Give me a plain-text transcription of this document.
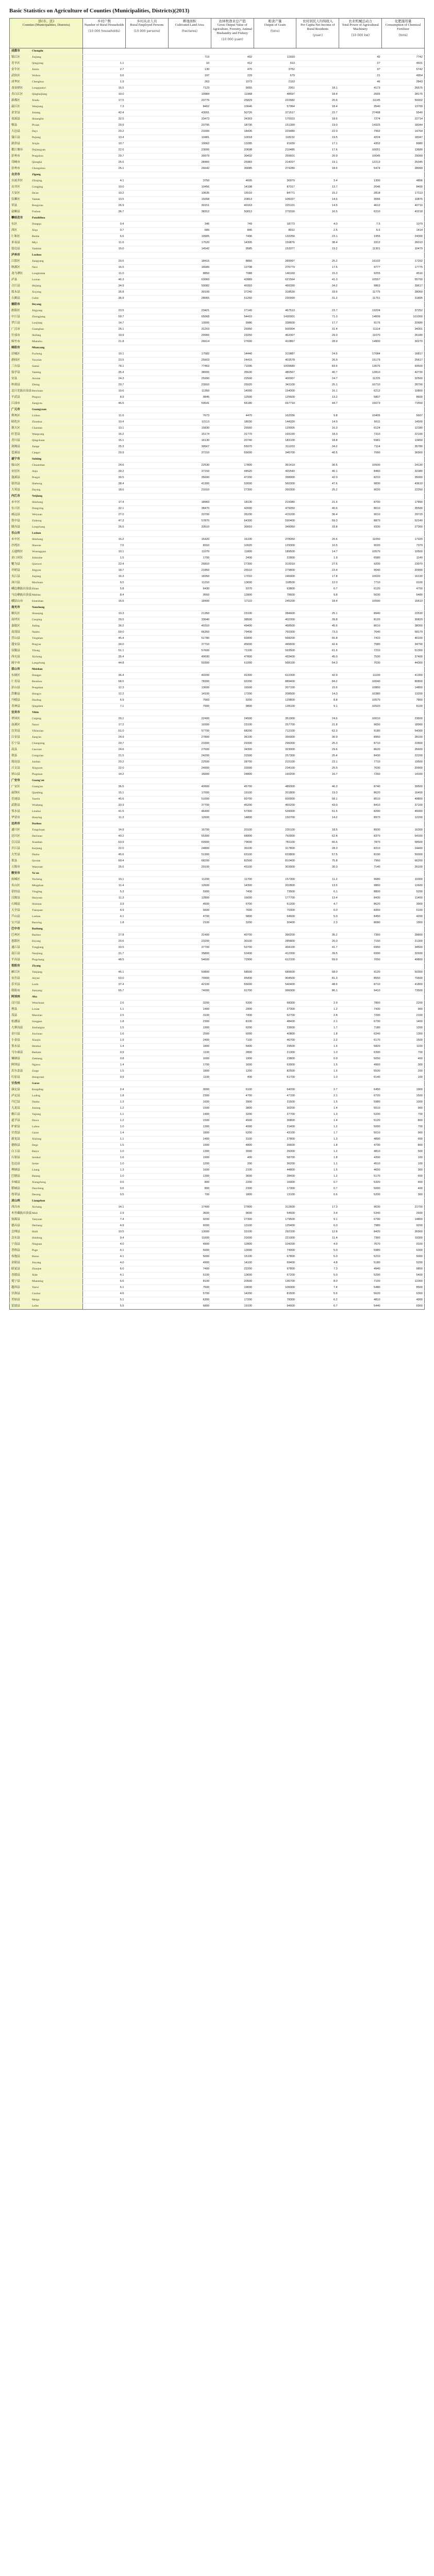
Basic Statistics on Agriculture of Counties (Municipalities, Districts)(2013)
县(市、区)
Counties (Municipalities, Districts)	乡村户数
Number of Rural Households
(10 000 households)	乡村从业人员
Rural Employed Persons
(10 000 persons)	耕地面积
Cultivated Land Area
(hectares)	农林牧渔业总产值
Gross Output Value of Agriculture, Forestry, Animal Husbandry and Fishery
(10 000 yuan)	粮食产量
Output of Grain
(tons)	农村居民人均纯收入
Per Capita Net Income of Rural Residents
(yuan)	农业机械总动力
Total Power of Agricultural Machinery
(10 000 kw)	化肥施用量
Consumption of Chemical Fertilizer
(tons)

成都市 Chengdu								
锦江区 Jinjiang			719	492	11693		42	7742
青羊区 Qingyang	1.1		10	412	913		27	4601
金牛区 Jinniu	2.7		130	470	3752		37	5742
武侯区 Wuhou	0.6		197	229	679		21	4954
成华区 Chenghua	1.9		263	1073	2153		46	2843
龙泉驿区 Longquanyi	16.5		7123	9055	2951	18.1	4173	26576
青白江区 Qingbaijiang	10.0		10984	11968	48597	18.4	2665	28176
新都区 Xindu	17.5		20776	25829	222682	20.6	11145	50002
温江区 Wenjiang	7.3		8402	10646	57064	18.4	3540	13709
金堂县 Jintang	42.4		43091	50726	371517	22.7	27498	5540
双流县 Shuangliu	32.5		33473	34303	170023	18.6	7274	22714
郫县 Pixian	20.9		20795	18736	151399	19.0	14325	18344
大邑县 Dayi	20.2		21099	18436	229480	22.0	7992	14764
蒲江县 Pujiang	13.4		10481	10018	118232	19.5	4224	18347
新津县 Xinjin	10.7		10062	13285	91939	17.1	4302	8980
都江堰市 Dujiangyan	22.6		23006	20698	210485	17.6	10051	13689
彭州市 Pengzhou	29.7		30979	30432	259601	20.9	10045	29099
邛崃市 Qionglai	25.6		28466	25983	214207	19.1	12213	26345
崇州市 Chongzhou	25.1		26642	30085	274280	18.6	5474	28999
自贡市 Zigong								
自流井区 Ziliujing	4.1		3750	4695	36979	3.4	1300	4806
贡井区 Gongjing	10.0		10456	14198	87017	13.7	2646	8400
大安区 Da'an	10.2		10635	15510	84771	15.2	2818	17113
沿滩区 Yantan	13.5		15058	20813	106037	14.6	3066	10876
荣县 Rongxian	26.9		30151	40163	225101	14.5	4612	40716
富顺县 Fushun	36.7		38312	50013	279316	16.5	6210	43218
攀枝花市 Panzhihua								
东区 Dongqu	0.4		346	749	18773	4.0	7.5	1070
西区 Xiqu	0.7		689	846	8012	2.5	5.6	1414
仁和区 Renhe	6.6		10905	7496	132056	23.1	1955	24300
米易县 Miyi	11.6		17520	14305	159876	38.4	3312	26010
盐边县 Yanbian	15.0		14542	9585	153377	19.2	11301	10479
泸州市 Luzhou								
江阳区 Jiangyang	20.5		18416	8866	289997	25.2	16102	17202
纳溪区 Naxi	16.5		16689	13798	276779	17.6	9777	17775
龙马潭区 Longmatan	11.0		8850	7088	146169	15.3	9255	4516
泸县 Luxian	46.3		63060	42889	621564	41.0	10557	55700
合江县 Hejiang	34.9		59082	40393	499390	34.2	9863	39617
叙永县 Xuyong	35.8		39106	37240	318530	33.6	11775	28059
古蔺县 Gulin	36.9		28065	51260	230999	31.2	11751	31895
德阳市 Deyang								
旌阳区 Jingyang	23.5		23421	27140	467513	23.7	19224	37252
中江县 Zhongjiang	59.7		65068	54410	1430001	71.0	14009	101000
罗江县 Luojiang	14.7		13906	9986	338600	17.7	9176	20680
广汉市 Guanghan	26.1		31203	25950	500004	31.4	11114	34301
什邡市 Shifang	19.9		20066	23250	462007	29.3	11070	26180
绵竹市 Mianzhu	21.8		26614	27600	410867	28.9	14900	30270
绵阳市 Mianyang								
涪城区 Fucheng	19.1		17582	14440	315887	24.6	17084	16817
游仙区 Youxian	23.5		25603	24415	403578	26.9	15179	25617
三台县 Santai	78.1		77463	71006	1009689	83.6	13076	93500
盐亭县 Yanting	35.4		38906	35630	480567	40.7	12810	42730
安县 Anxian	24.3		25990	22500	400007	24.7	11225	32500
梓潼县 Zitong	20.7		23910	25020	341100	25.1	10710	28790
北川羌族自治县Beichuan	10.6		11350	14000	154000	16.1	6212	10800
平武县 Pingwu	8.9		9845	12500	125600	13.2	5807	8600
江油市 Jiangyou	46.5		59541	56180	697710	44.7	15073	71550
广元市 Guangyuan								
利州区 Lizhou	11.6		7673	4470	162036	9.8	10405	5607
昭化区 Zhaohua	10.4		10113	18030	144330	14.9	6611	14500
朝天区 Chaotian	13.1		15830	25560	129005	16.3	6124	12180
旺苍县 Wangcang	16.2		15174	31770	169190	18.3	7310	22190
青川县 Qingchuan	15.1		16130	20740	183100	18.8	5981	13450
剑阁县 Jiange	25.3		30567	55970	311203	34.2	7114	35780
苍溪县 Cangxi	29.9		37210	55600	346700	40.5	7060	36900
遂宁市 Suining								
船山区 Chuanshan	24.6		22530	17800	361410	30.5	10500	24130
安居区 Anju	30.2		37150	44620	420540	40.1	8460	32380
蓬溪县 Pengxi	30.5		35690	47200	398900	42.0	8210	35000
射洪县 Shehong	38.4		41300	52600	560300	47.6	9830	43610
大英县 Daying	18.6		21010	27300	260300	25.2	9020	22260
内江市 Neijiang								
市中区 Shizhong	17.4		18960	18130	215080	21.6	8700	17890
东兴区 Dongxing	32.1		38470	42690	479050	40.6	8610	35590
威远县 Weiyuan	27.0		33700	35230	415200	36.4	9010	29720
资中县 Zizhong	47.3		57870	64300	590400	59.3	8870	52140
隆昌县 Longchang	26.6		33510	30910	349060	33.8	9330	27300
乐山市 Leshan								
市中区 Shizhong	15.2		16420	16100	278050	20.6	11050	17320
沙湾区 Shawan	7.6		8310	10020	129300	10.5	9020	7370
五通桥区 Wutongqiao	10.1		11070	11800	189500	14.7	10570	10500
金口河区 Jinkouhe	1.5		1700	2400	22800	1.9	6580	1140
犍为县 Qianwei	22.4		26810	27300	315010	27.5	9200	23070
井研县 Jingyan	18.7		21850	25510	279800	23.4	9040	20990
夹江县 Jiajiang	16.3		18350	17010	246900	17.8	10020	16130
沐川县 Muchuan	9.5		11210	13600	118500	12.0	7710	9100
峨边彝族自治县Ebian	5.8		6430	9370	63800	6.7	6120	4700
马边彝族自治县Mabian	8.4		9550	13900	78600	9.8	5630	6480
峨眉山市 Emeishan	16.6		18400	17110	245200	18.4	10590	15610
南充市 Nanchong								
顺庆区 Shunqing	19.3		21350	23100	284600	25.1	8940	22530
高坪区 Gaoping	29.5		33040	38500	402300	39.8	8120	30820
嘉陵区 Jialing	36.2		40310	49400	468500	45.6	8010	38000
南部县 Nanbu	59.0		66350	79400	760300	73.3	7640	58170
营山县 Yingshan	45.4		51780	60900	568200	55.8	7410	46100
蓬安县 Peng'an	34.0		37710	45600	449600	42.4	7580	34700
仪陇县 Yilong	51.1		57600	71100	593500	61.6	7210	51300
西充县 Xichong	35.4		40030	47800	433400	45.0	7530	37400
阆中市 Langzhong	44.8		50300	61000	568100	54.3	7630	44300
眉山市 Meishan								
东坡区 Dongpo	36.4		40200	41300	612300	42.9	11100	41300
仁寿县 Renshou	68.5		78300	92200	889400	84.2	10040	80800
彭山县 Pengshan	12.3		13600	16500	207100	15.6	10860	14800
洪雅县 Hongya	12.2		14100	17200	208500	14.3	10380	13200
丹棱县 Danling	6.9		7560	9200	129800	8.8	10570	7800
青神县 Qingshen	7.1		7900	9800	128100	9.1	10520	8100
宜宾市 Yibin								
翠屏区 Cuiping	20.1		22400	24500	351900	24.6	10610	23600
南溪区 Nanxi	17.2		19300	23100	257700	21.8	9650	18900
宜宾县 Yibinxian	51.0		57700	68200	712100	62.3	9180	54000
江安县 Jiang'an	24.9		27800	36100	356900	30.9	8960	28100
长宁县 Changning	20.7		23300	29300	296300	25.3	8710	22800
高县 Gaoxian	24.6		27600	34300	323000	29.6	8620	26600
珙县 Gongxian	21.5		24200	31500	257300	25.4	8430	22200
筠连县 Junlian	20.2		22500	28700	215100	23.1	7710	19500
兴文县 Xingwen	22.0		24900	33000	234100	25.9	7630	20900
屏山县 Pingshan	14.2		16000	24800	160200	16.7	7260	14100
广安市 Guang'an								
广安区 Guang'an	36.5		40900	45700	489300	46.3	8740	39500
前锋区 Qianfeng	15.1		17000	19100	201800	19.3	8620	16400
岳池县 Yuechi	45.6		51000	60700	600900	58.1	8510	49800
武胜县 Wusheng	33.9		37700	45200	455200	43.0	8410	37100
邻水县 Linshui	41.5		46400	57300	528300	51.5	8290	45000
华蓥市 Huaying	11.3		12600	14800	150700	14.2	8970	12200
达州市 Dazhou								
通川区 Tongchuan	14.9		16700	20100	235100	18.5	8930	16300
达川区 Dachuan	49.2		55300	68900	750900	62.4	8370	54100
宣汉县 Xuanhan	53.9		60900	79600	781100	66.6	7870	58500
开江县 Kaijiang	22.0		24800	30100	317800	28.3	8310	24400
大竹县 Dazhu	45.6		51300	63100	633800	57.5	8190	50000
渠县 Quxian	60.4		68200	82500	810400	75.8	7960	66200
万源市 Wanyuan	25.6		29100	43100	303900	30.3	7140	26100
雅安市 Ya'an								
雨城区 Yucheng	10.1		11200	11700	157300	11.2	9680	10300
名山区 Mingshan	11.4		12600	14300	202800	13.5	9860	12600
荥经县 Yingjing	5.3		5900	7400	73500	6.1	8800	5200
汉源县 Hanyuan	11.3		12800	16600	177700	13.4	8430	11400
石棉县 Shimian	3.9		4500	6700	61200	4.7	8620	3900
天全县 Tianquan	4.9		5600	7600	70300	6.0	8350	5100
芦山县 Lushan	4.1		4700	5800	64600	5.0	8450	4200
宝兴县 Baoxing	1.8		2100	3200	30400	2.3	8080	1900
巴中市 Bazhong								
巴州区 Bazhou	27.8		31400	40700	390200	35.2	7360	28800
恩阳区 Enyang	20.6		23200	30100	285800	26.0	7150	21300
通江县 Tongjiang	33.5		37700	53700	434100	41.7	6950	34500
南江县 Nanjiang	31.7		35800	52400	412300	39.5	6990	32600
平昌县 Pingchang	48.5		54600	72900	612100	59.9	7050	49800
资阳市 Ziyang								
雁江区 Yanjiang	45.1		50800	58500	689600	58.0	9120	50300
安岳县 Anyue	63.0		70900	95400	904500	81.3	8550	70600
乐至县 Lezhi	37.4		42100	55600	540400	48.6	8710	41800
简阳市 Jianyang	65.7		74000	91700	996000	86.1	9410	73500
阿坝州 Aba								
汶川县 Wenchuan	2.6		3200	5300	68300	2.9	7860	2200
理县 Lixian	1.1		1400	2900	27300	1.2	7430	900
茂县 Maoxian	2.5		3100	7400	62700	2.8	7290	2100
松潘县 Songpan	1.8		2300	8100	48400	2.1	6730	1400
九寨沟县 Jiuzhaigou	1.5		1900	6200	33600	1.7	7180	1200
金川县 Jinchuan	1.6		2000	6000	40800	1.8	6240	1300
小金县 Xiaojin	1.9		2400	7100	46700	2.2	6170	1500
黑水县 Heishui	1.4		1800	5400	29500	1.6	5820	1100
马尔康县 Barkam	0.9		1100	2800	21300	1.0	6390	700
壤塘县 Zamtang	0.8		1000	1900	23800	0.9	5050	400
阿坝县 Ngawa	1.4		1700	1600	63900	1.5	4960	300
若尔盖县 Zoige	1.5		1800	1200	82500	1.6	5530	200
红原县 Hongyuan	0.9		1100	400	61700	1.0	6140	100
甘孜州 Garze								
康定县 Kangding	2.4		3000	6100	64200	2.7	6450	1900
泸定县 Luding	1.8		2300	4700	47100	2.1	6720	1500
丹巴县 Danba	1.3		1600	3900	31500	1.5	5980	1000
九龙县 Jiulong	1.2		1500	3800	30200	1.4	5510	900
雅江县 Yajiang	1.1		1400	3200	27700	1.3	5230	700
道孚县 Dawu	1.2		1500	4500	36800	1.4	5120	800
炉霍县 Luhuo	1.0		1300	4000	31400	1.2	5060	700
甘孜县 Garze	1.4		1800	6200	43100	1.7	5010	900
新龙县 Xinlong	1.1		1400	3100	27800	1.3	4890	600
德格县 Dege	1.5		1900	4800	39600	1.8	4730	800
白玉县 Baiyu	1.0		1300	3000	26300	1.2	4810	500
石渠县 Sershul	1.6		1900	400	58700	1.8	4390	100
色达县 Sertar	1.0		1200	200	36200	1.1	4510	100
理塘县 Litang	1.3		1600	2100	44800	1.5	4650	300
巴塘县 Batang	1.0		1300	3600	28400	1.2	5170	600
乡城县 Xiangcheng	0.6		800	2200	16900	0.7	5320	400
稻城县 Daocheng	0.6		800	2300	17300	0.7	5060	400
得荣县 Derong	0.5		700	1800	13100	0.6	5200	300
凉山州 Liangshan								
西昌市 Xichang	14.1		17400	27800	312600	17.3	9630	21700
木里藏族自治县Muli	2.9		3600	9600	54600	3.4	5340	2600
盐源县 Yanyuan	7.4		9200	27300	179500	9.1	6790	14800
德昌县 Dechang	4.9		6000	13100	125400	6.0	7980	9200
会理县 Huili	10.5		13000	33100	292100	12.8	8420	26900
会东县 Huidong	9.4		11600	31600	221000	11.4	7360	19300
宁南县 Ningnan	4.0		4900	12800	104200	4.9	7670	9100
普格县 Puge	4.1		5000	13000	74900	5.0	5980	6300
布拖县 Butuo	4.1		5000	15100	67800	5.0	5210	5000
金阳县 Jinyang	4.0		4900	14100	69400	4.8	5180	5200
昭觉县 Zhaojue	6.0		7400	22200	97800	7.3	4940	6800
喜德县 Xide	4.1		5100	13600	67200	5.0	5290	5400
冕宁县 Mianning	6.6		8100	20500	136700	8.0	7100	12300
越西县 Yuexi	6.1		7500	19600	106000	7.4	5480	8500
甘洛县 Ganluo	4.6		5700	14200	81500	5.6	5620	6300
美姑县 Meigu	5.1		6300	17200	78300	6.2	4810	4900
雷波县 Leibo	5.5		6800	19100	94600	6.7	5440	6900
